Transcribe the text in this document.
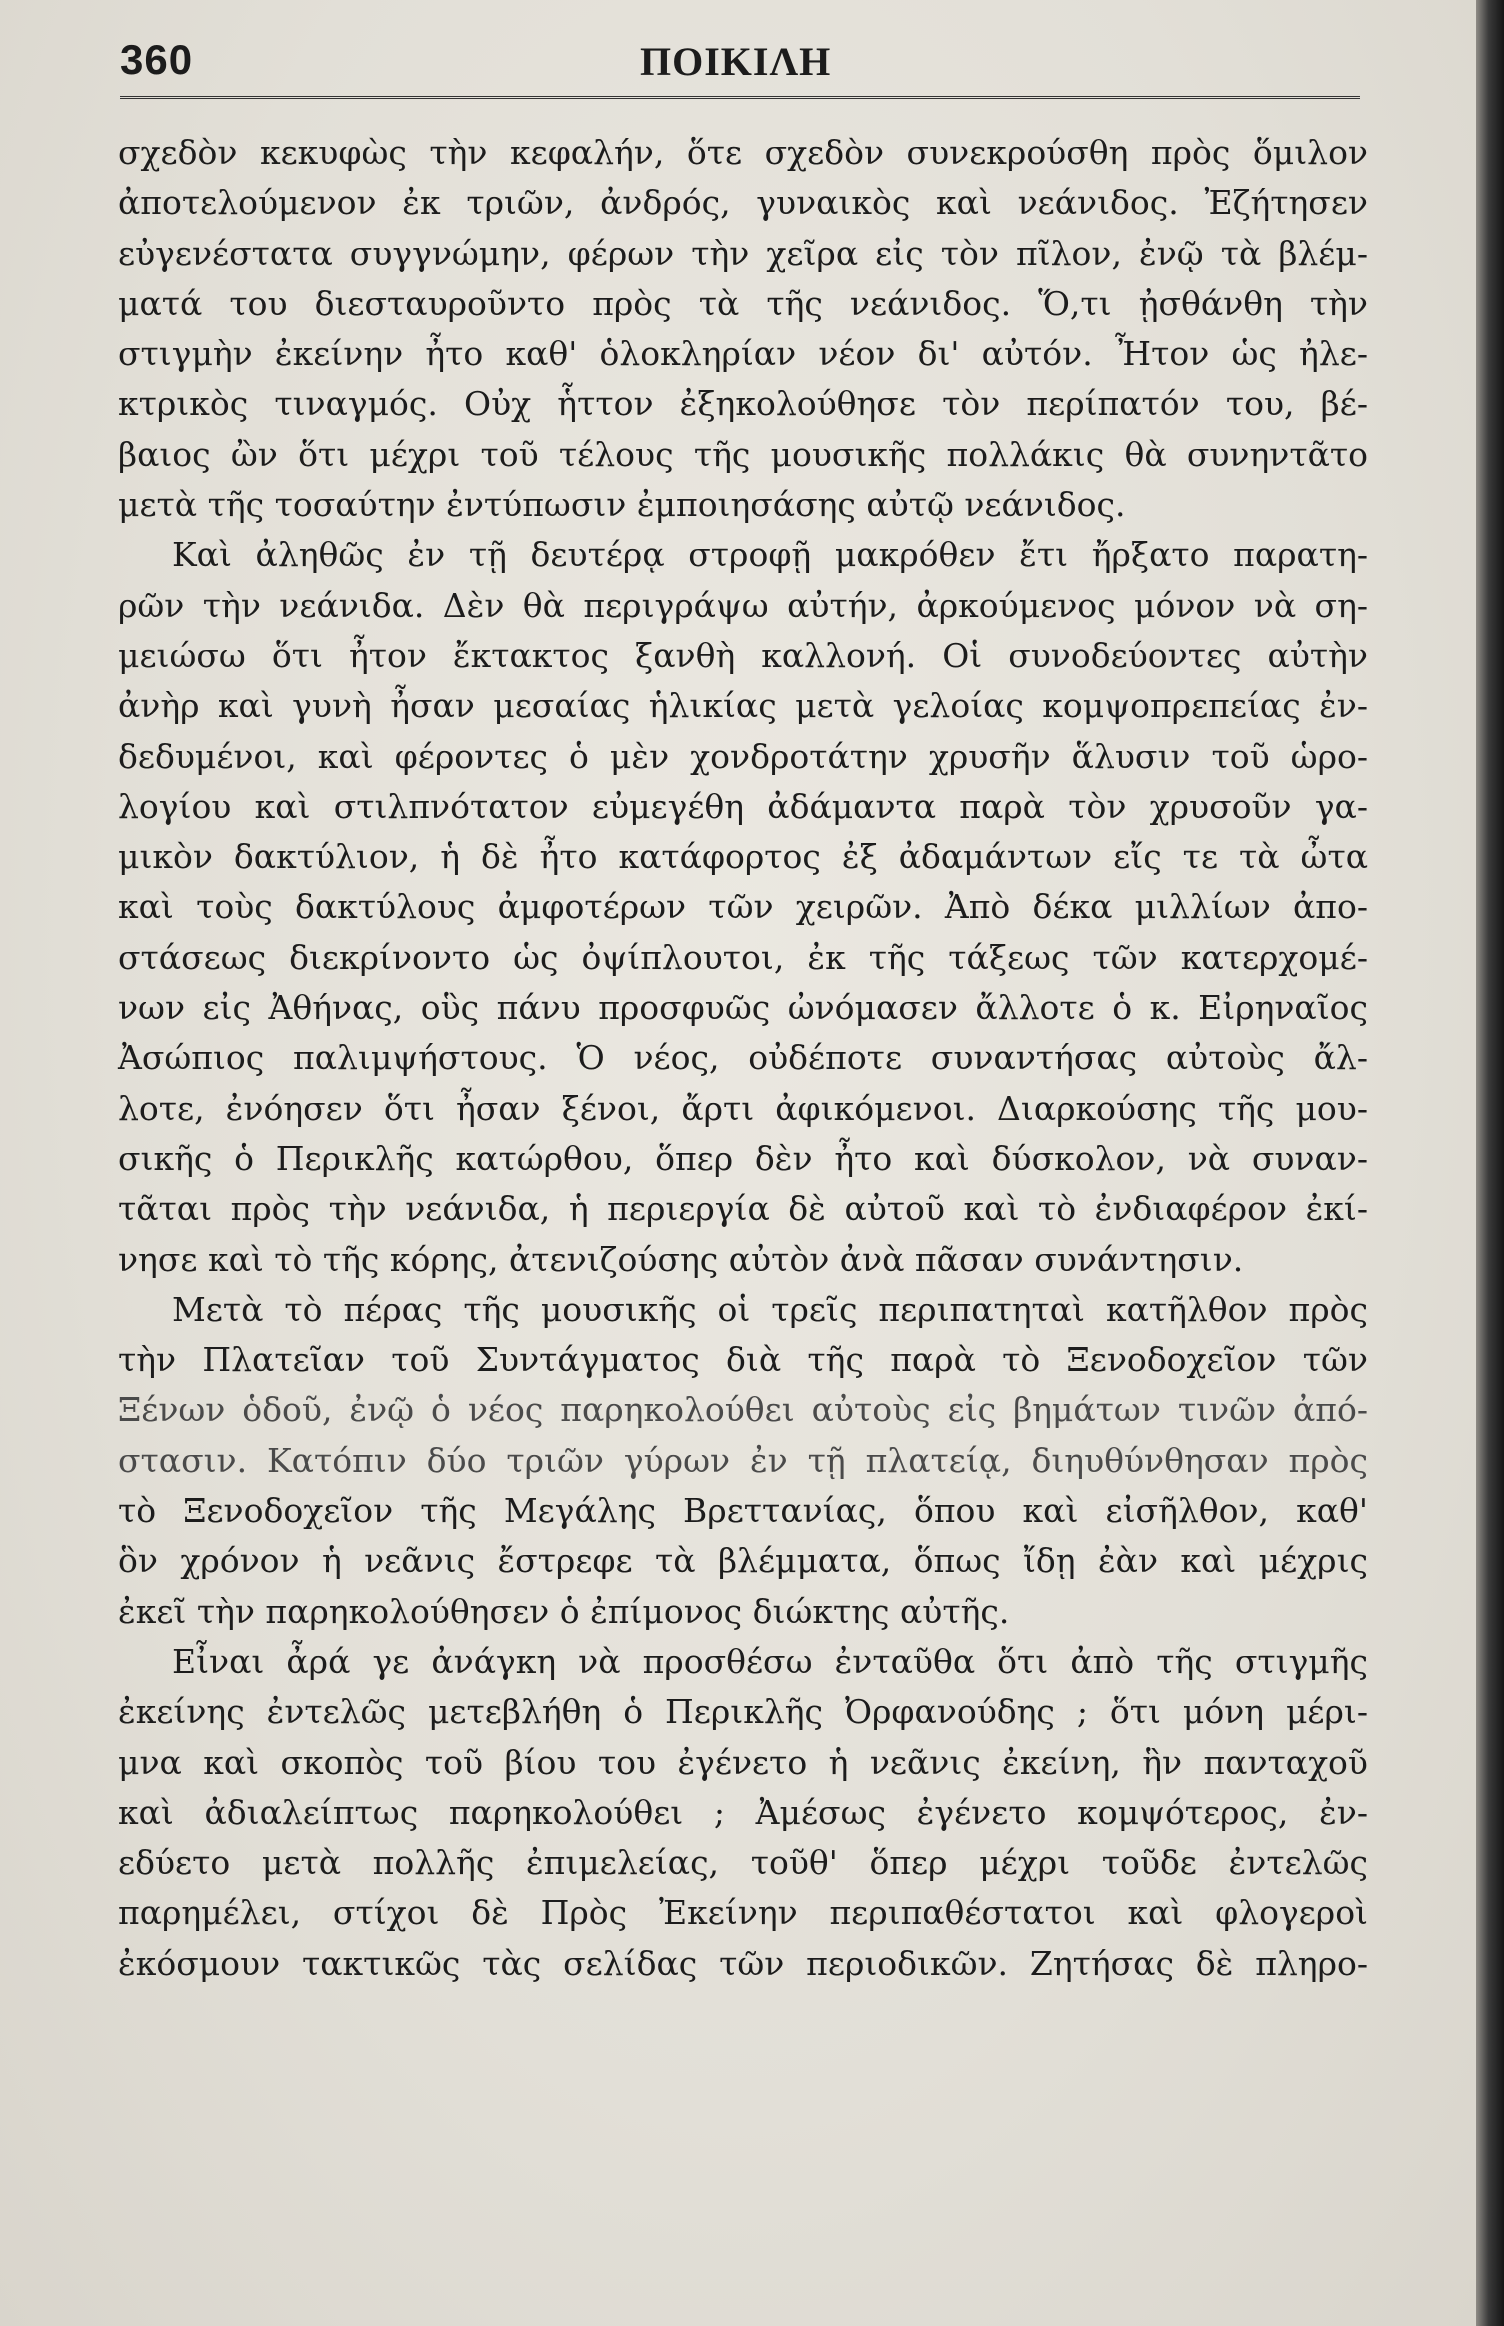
360	ΠΟΙΚΙΛΗ
σχεδὸν κεκυφὼς τὴν κεφαλήν, ὅτε σχεδὸν συνεκρούσθη πρὸς ὅμιλον
ἀποτελούμενον ἐκ τριῶν, ἀνδρός, γυναικὸς καὶ νεάνιδος. Ἐζήτησεν
εὐγενέστατα συγγνώμην, φέρων τὴν χεῖρα εἰς τὸν πῖλον, ἐνῷ τὰ βλέμ-
ματά του διεσταυροῦντο πρὸς τὰ τῆς νεάνιδος. Ὅ,τι ᾐσθάνθη τὴν
στιγμὴν ἐκείνην ἦτο καθ' ὁλοκληρίαν νέον δι' αὐτόν. Ἦτον ὡς ἠλε-
κτρικὸς τιναγμός. Οὐχ ἧττον ἐξηκολούθησε τὸν περίπατόν του, βέ-
βαιος ὢν ὅτι μέχρι τοῦ τέλους τῆς μουσικῆς πολλάκις θὰ συνηντᾶτο
μετὰ τῆς τοσαύτην ἐντύπωσιν ἐμποιησάσης αὐτῷ νεάνιδος.
Καὶ ἀληθῶς ἐν τῇ δευτέρᾳ στροφῇ μακρόθεν ἔτι ἤρξατο παρατη-
ρῶν τὴν νεάνιδα. Δὲν θὰ περιγράψω αὐτήν, ἀρκούμενος μόνον νὰ ση-
μειώσω ὅτι ἦτον ἔκτακτος ξανθὴ καλλονή. Οἱ συνοδεύοντες αὐτὴν
ἀνὴρ καὶ γυνὴ ἦσαν μεσαίας ἡλικίας μετὰ γελοίας κομψοπρεπείας ἐν-
δεδυμένοι, καὶ φέροντες ὁ μὲν χονδροτάτην χρυσῆν ἅλυσιν τοῦ ὡρο-
λογίου καὶ στιλπνότατον εὐμεγέθη ἀδάμαντα παρὰ τὸν χρυσοῦν γα-
μικὸν δακτύλιον, ἡ δὲ ἦτο κατάφορτος ἐξ ἀδαμάντων εἴς τε τὰ ὦτα
καὶ τοὺς δακτύλους ἀμφοτέρων τῶν χειρῶν. Ἀπὸ δέκα μιλλίων ἀπο-
στάσεως διεκρίνοντο ὡς ὀψίπλουτοι, ἐκ τῆς τάξεως τῶν κατερχομέ-
νων εἰς Ἀθήνας, οὓς πάνυ προσφυῶς ὠνόμασεν ἄλλοτε ὁ κ. Εἰρηναῖος
Ἀσώπιος παλιμψήστους. Ὁ νέος, οὐδέποτε συναντήσας αὐτοὺς ἄλ-
λοτε, ἐνόησεν ὅτι ἦσαν ξένοι, ἄρτι ἀφικόμενοι. Διαρκούσης τῆς μου-
σικῆς ὁ Περικλῆς κατώρθου, ὅπερ δὲν ἦτο καὶ δύσκολον, νὰ συναν-
τᾶται πρὸς τὴν νεάνιδα, ἡ περιεργία δὲ αὐτοῦ καὶ τὸ ἐνδιαφέρον ἐκί-
νησε καὶ τὸ τῆς κόρης, ἀτενιζούσης αὐτὸν ἀνὰ πᾶσαν συνάντησιν.
Μετὰ τὸ πέρας τῆς μουσικῆς οἱ τρεῖς περιπατηταὶ κατῆλθον πρὸς
τὴν Πλατεῖαν τοῦ Συντάγματος διὰ τῆς παρὰ τὸ Ξενοδοχεῖον τῶν
Ξένων ὁδοῦ, ἐνῷ ὁ νέος παρηκολούθει αὐτοὺς εἰς βημάτων τινῶν ἀπό-
στασιν. Κατόπιν δύο τριῶν γύρων ἐν τῇ πλατείᾳ, διηυθύνθησαν πρὸς
τὸ Ξενοδοχεῖον τῆς Μεγάλης Βρεττανίας, ὅπου καὶ εἰσῆλθον, καθ'
ὃν χρόνον ἡ νεᾶνις ἔστρεφε τὰ βλέμματα, ὅπως ἴδῃ ἐὰν καὶ μέχρις
ἐκεῖ τὴν παρηκολούθησεν ὁ ἐπίμονος διώκτης αὐτῆς.
Εἶναι ἆρά γε ἀνάγκη νὰ προσθέσω ἐνταῦθα ὅτι ἀπὸ τῆς στιγμῆς
ἐκείνης ἐντελῶς μετεβλήθη ὁ Περικλῆς Ὀρφανούδης ; ὅτι μόνη μέρι-
μνα καὶ σκοπὸς τοῦ βίου του ἐγένετο ἡ νεᾶνις ἐκείνη, ἣν πανταχοῦ
καὶ ἀδιαλείπτως παρηκολούθει ; Ἀμέσως ἐγένετο κομψότερος, ἐν-
εδύετο μετὰ πολλῆς ἐπιμελείας, τοῦθ' ὅπερ μέχρι τοῦδε ἐντελῶς
παρημέλει, στίχοι δὲ Πρὸς Ἐκείνην περιπαθέστατοι καὶ φλογεροὶ
ἐκόσμουν τακτικῶς τὰς σελίδας τῶν περιοδικῶν. Ζητήσας δὲ πληρο-
